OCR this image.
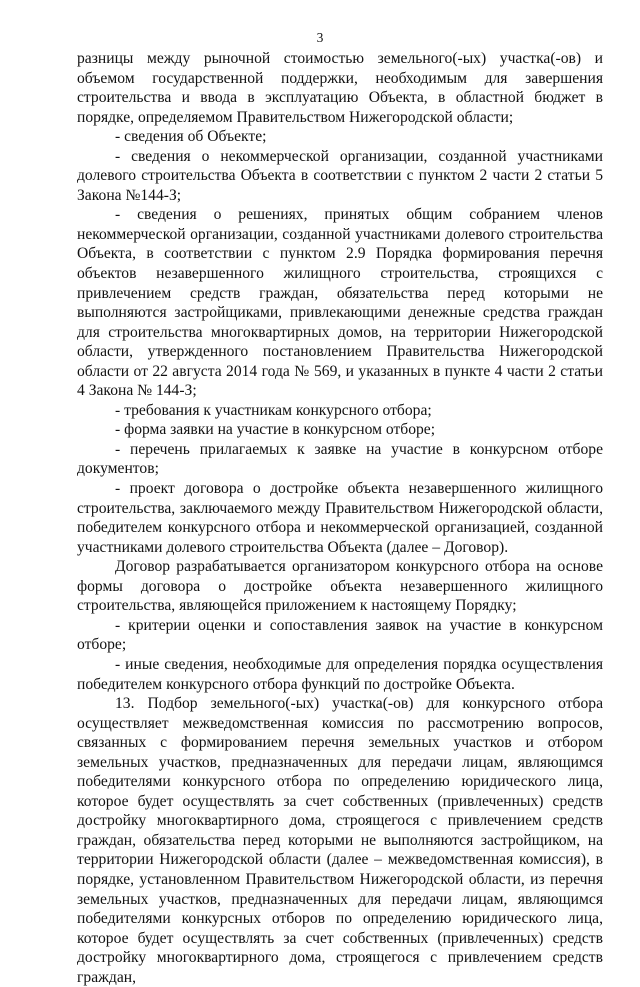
3

разницы между рыночной стоимостью земельного(-ых) участка(-ов) и объемом государственной поддержки, необходимым для завершения строительства и ввода в эксплуатацию Объекта, в областной бюджет в порядке, определяемом Правительством Нижегородской области;

- сведения об Объекте;

- сведения о некоммерческой организации, созданной участниками долевого строительства Объекта в соответствии с пунктом 2 части 2 статьи 5 Закона №144-З;

- сведения о решениях, принятых общим собранием членов некоммерческой организации, созданной участниками долевого строительства Объекта, в соответствии с пунктом 2.9 Порядка формирования перечня объектов незавершенного жилищного строительства, строящихся с привлечением средств граждан, обязательства перед которыми не выполняются застройщиками, привлекающими денежные средства граждан для строительства многоквартирных домов, на территории Нижегородской области, утвержденного постановлением Правительства Нижегородской области от 22 августа 2014 года № 569, и указанных в пункте 4 части 2 статьи 4 Закона № 144-З;

- требования к участникам конкурсного отбора;

- форма заявки на участие в конкурсном отборе;

- перечень прилагаемых к заявке на участие в конкурсном отборе документов;

- проект договора о достройке объекта незавершенного жилищного строительства, заключаемого между Правительством Нижегородской области, победителем конкурсного отбора и некоммерческой организацией, созданной участниками долевого строительства Объекта (далее – Договор).

Договор разрабатывается организатором конкурсного отбора на основе формы договора о достройке объекта незавершенного жилищного строительства, являющейся приложением к настоящему Порядку;

- критерии оценки и сопоставления заявок на участие в конкурсном отборе;

- иные сведения, необходимые для определения порядка осуществления победителем конкурсного отбора функций по достройке Объекта.

13. Подбор земельного(-ых) участка(-ов) для конкурсного отбора осуществляет межведомственная комиссия по рассмотрению вопросов, связанных с формированием перечня земельных участков и отбором земельных участков, предназначенных для передачи лицам, являющимся победителями конкурсного отбора по определению юридического лица, которое будет осуществлять за счет собственных (привлеченных) средств достройку многоквартирного дома, строящегося с привлечением средств граждан, обязательства перед которыми не выполняются застройщиком, на территории Нижегородской области (далее – межведомственная комиссия), в порядке, установленном Правительством Нижегородской области, из перечня земельных участков, предназначенных для передачи лицам, являющимся победителями конкурсных отборов по определению юридического лица, которое будет осуществлять за счет собственных (привлеченных) средств достройку многоквартирного дома, строящегося с привлечением средств граждан,
